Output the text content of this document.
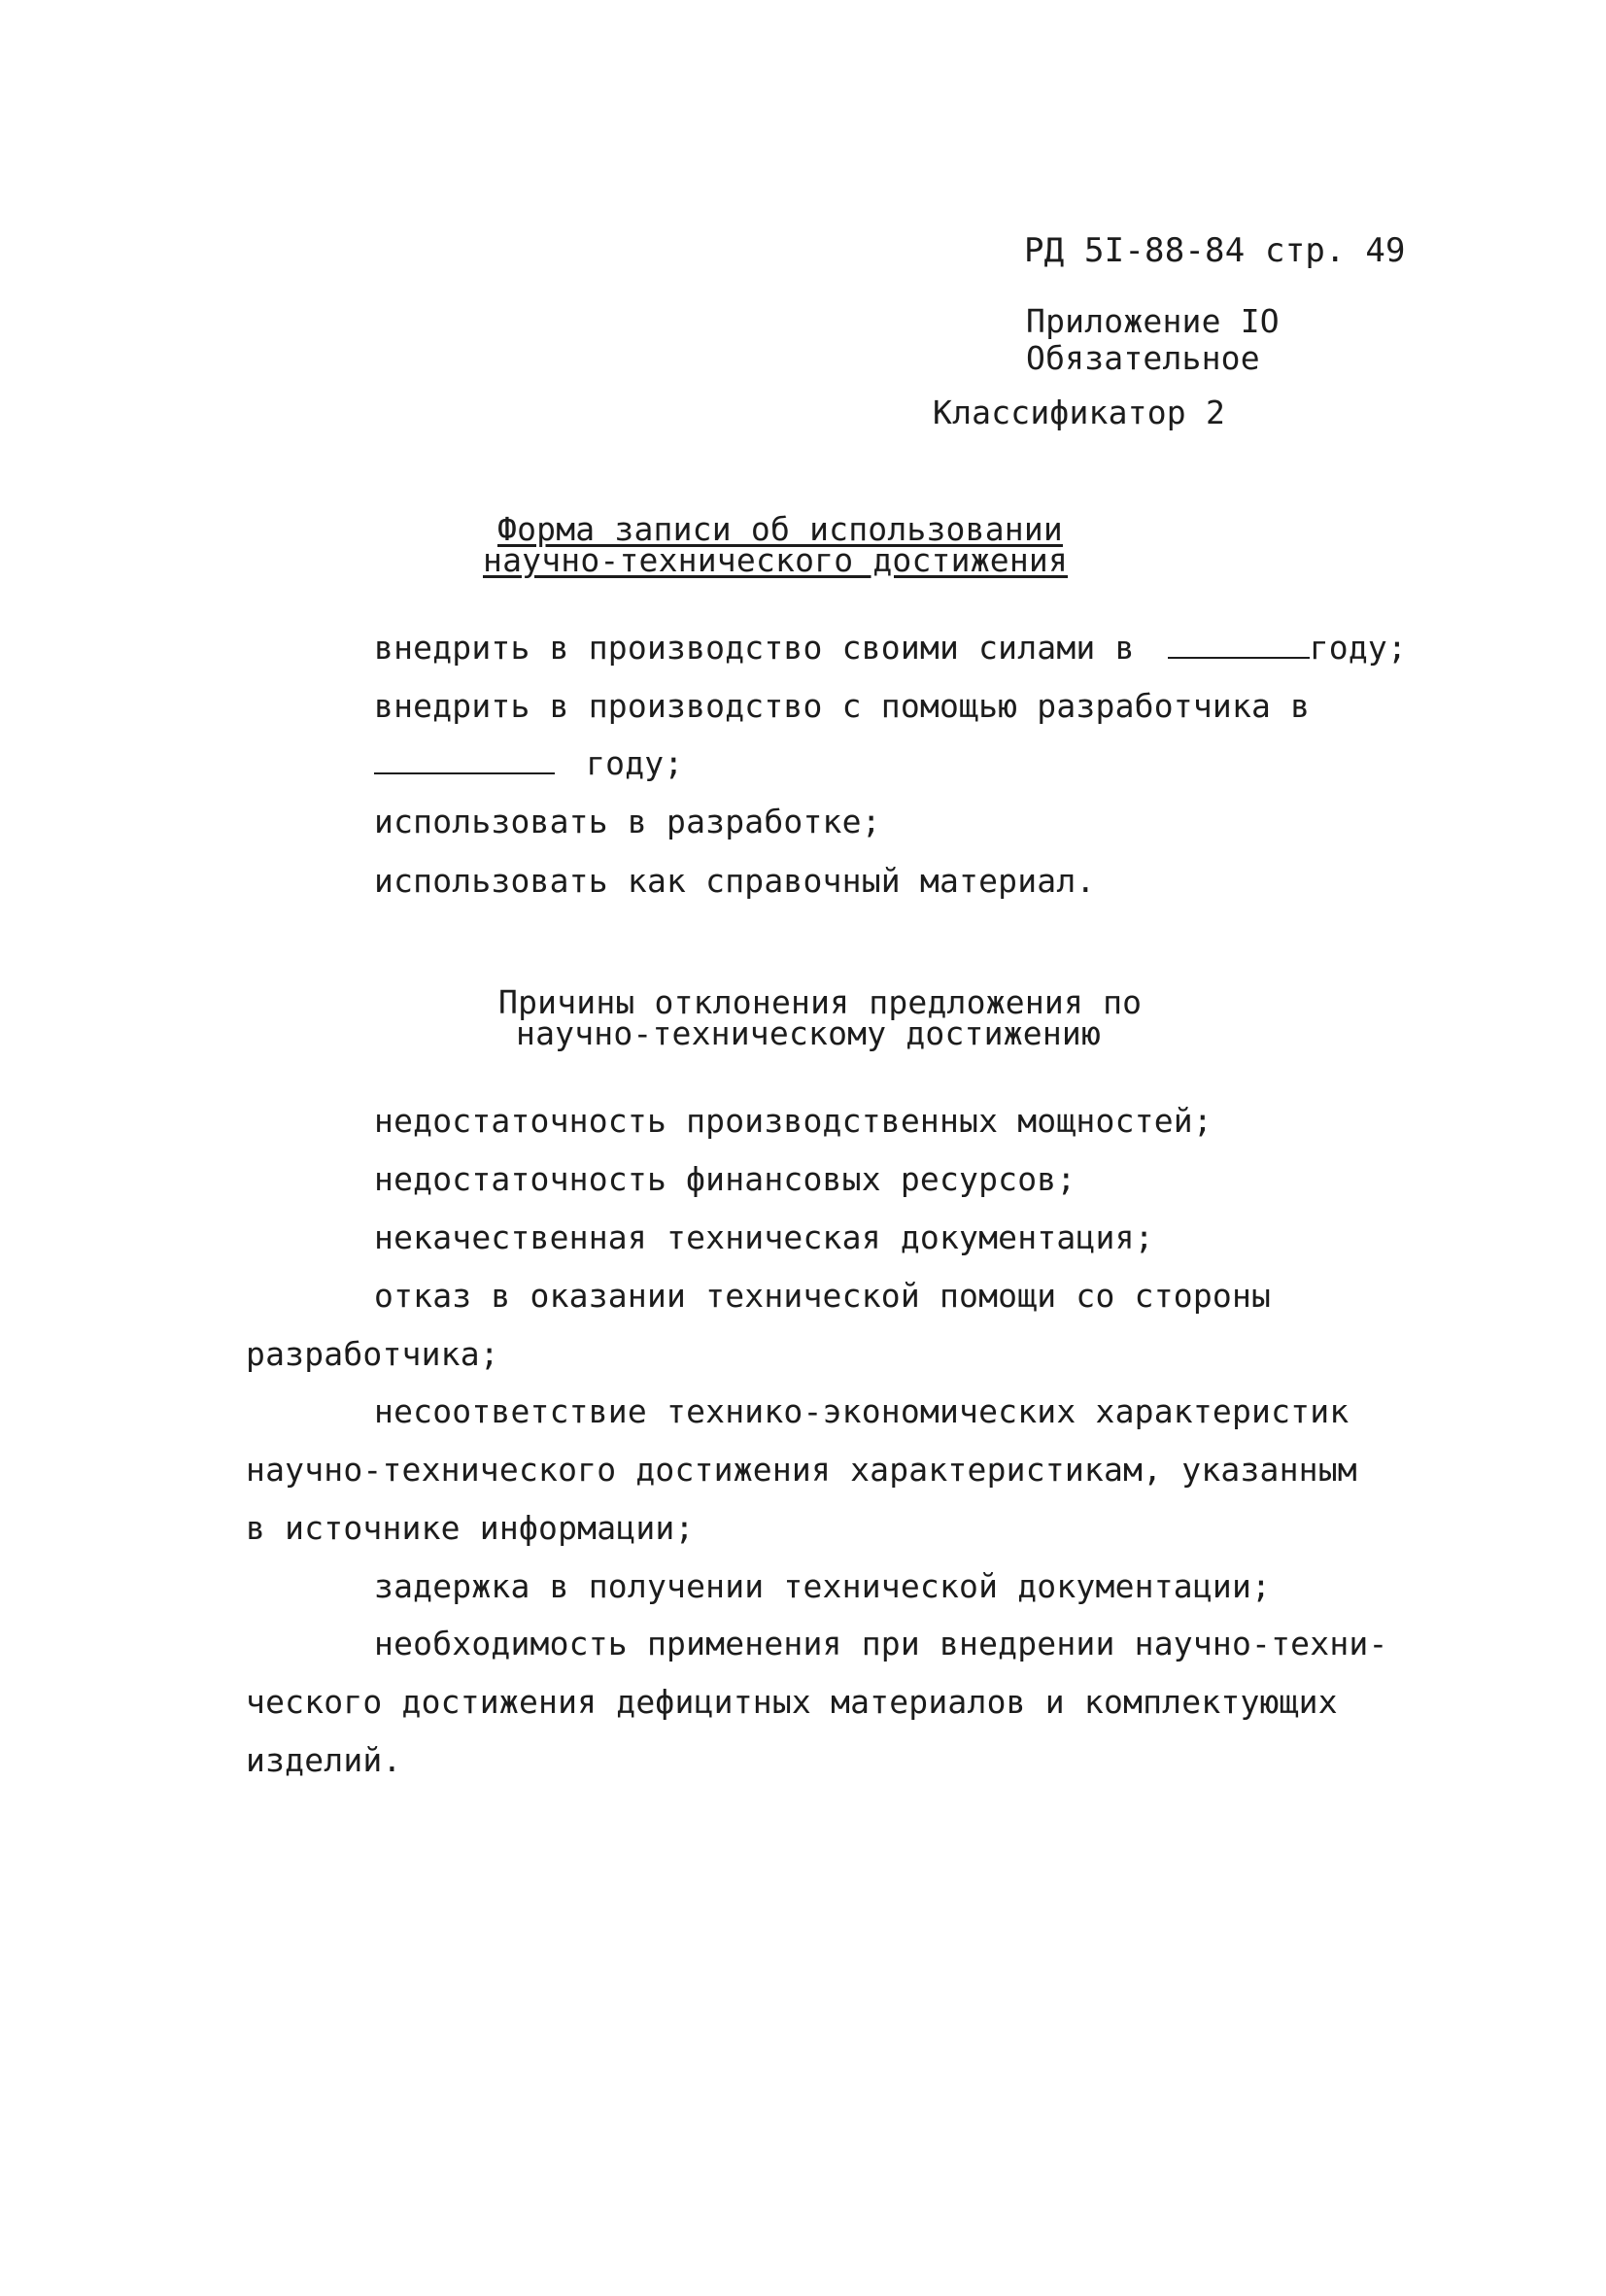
РД 5I-88-84 стр. 49
Приложение IO
Обязательное
Классификатор 2
Форма записи об использовании
научно-технического достижения
внедрить в производство своими силами в	году;
внедрить в производство с помощью разработчика в
году;
использовать в разработке;
использовать как справочный материал.
Причины отклонения предложения по
научно-техническому достижению
недостаточность производственных мощностей;
недостаточность финансовых ресурсов;
некачественная техническая документация;
отказ в оказании технической помощи со стороны
разработчика;
несоответствие технико-экономических характеристик
научно-технического достижения характеристикам, указанным
в источнике информации;
задержка в получении технической документации;
необходимость применения при внедрении научно-техни-
ческого достижения дефицитных материалов и комплектующих
изделий.
